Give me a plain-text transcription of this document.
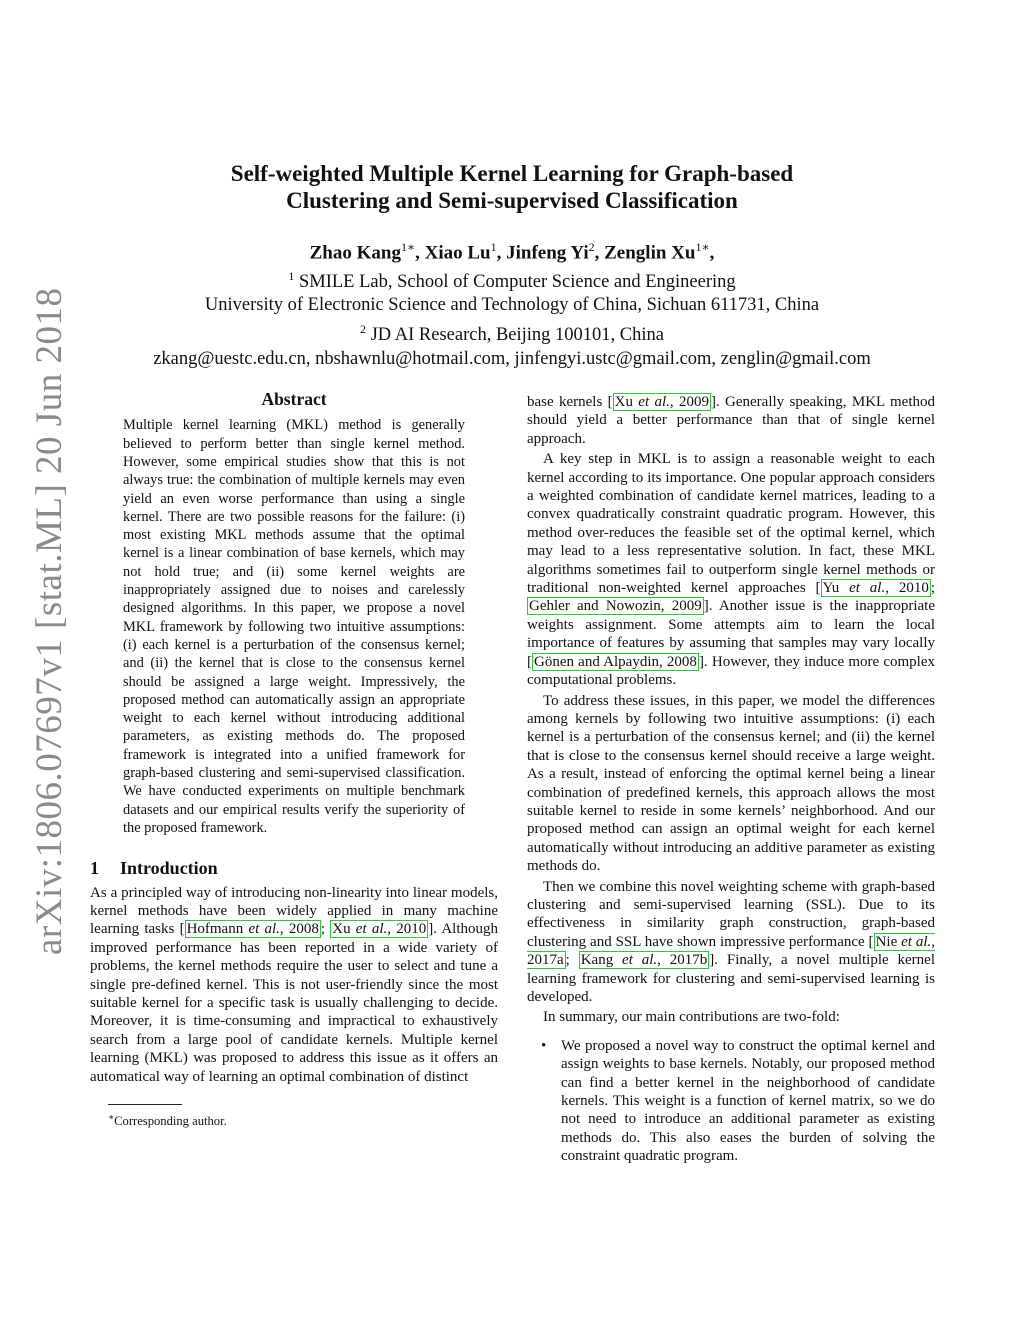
arXiv:1806.07697v1 [stat.ML] 20 Jun 2018
Self-weighted Multiple Kernel Learning for Graph-based
Clustering and Semi-supervised Classification
Zhao Kang$^{1∗}$, Xiao Lu$^1$, Jinfeng Yi$^2$, Zenglin $Xu^{1∗}$,
$^1$ SMILE Lab, School of Computer Science and Engineering
University of Electronic Science and Technology of China, Sichuan 611731, China
$^2$ JD AI Research, Beijing 100101, China
zkang@uestc.edu.cn, nbshawnlu@hotmail.com, jinfengyi.ustc@gmail.com, zenglin@gmail.com
Abstract

Multiple kernel learning (MKL) method is generally believed to perform better than single kernel method. However, some empirical studies show that this is not always true: the combination of multiple kernels may even yield an even worse performance than using a single kernel. There are two possible reasons for the failure: (i) most existing MKL methods assume that the optimal kernel is a linear combination of base kernels, which may not hold true; and (ii) some kernel weights are inappropriately assigned due to noises and carelessly designed algorithms. In this paper, we propose a novel MKL framework by following two intuitive assumptions: (i) each kernel is a perturbation of the consensus kernel; and (ii) the kernel that is close to the consensus kernel should be assigned a large weight. Impressively, the proposed method can automatically assign an appropriate weight to each kernel without introducing additional parameters, as existing methods do. The proposed framework is integrated into a unified framework for graph-based clustering and semi-supervised classification. We have conducted experiments on multiple benchmark datasets and our empirical results verify the superiority of the proposed framework.

1 Introduction

As a principled way of introducing non-linearity into linear models, kernel methods have been widely applied in many machine learning tasks [ Hofmann et al., 2008 ; Xu et al., 2010 ]. Although improved performance has been reported in a wide variety of problems, the kernel methods require the user to select and tune a single pre-defined kernel. This is not user-friendly since the most suitable kernel for a specific task is usually challenging to decide. Moreover, it is time-consuming and impractical to exhaustively search from a large pool of candidate kernels. Multiple kernel learning (MKL) was proposed to address this issue as it offers an automatical way of learning an optimal combination of distinct

∗Corresponding author.

base kernels [ Xu et al., 2009 ]. Generally speaking, MKL method should yield a better performance than that of single kernel approach.

A key step in MKL is to assign a reasonable weight to each kernel according to its importance. One popular approach considers a weighted combination of candidate kernel matrices, leading to a convex quadratically constraint quadratic program. However, this method over-reduces the feasible set of the optimal kernel, which may lead to a less representative solution. In fact, these MKL algorithms sometimes fail to outperform single kernel methods or traditional non-weighted kernel approaches [ Yu et al., 2010 ; Gehler and Nowozin, 2009 ]. Another issue is the inappropriate weights assignment. Some attempts aim to learn the local importance of features by assuming that samples may vary locally [ Gönen and Alpaydin, 2008 ]. However, they induce more complex computational problems.

To address these issues, in this paper, we model the differences among kernels by following two intuitive assumptions: (i) each kernel is a perturbation of the consensus kernel; and (ii) the kernel that is close to the consensus kernel should receive a large weight. As a result, instead of enforcing the optimal kernel being a linear combination of predefined kernels, this approach allows the most suitable kernel to reside in some kernels’ neighborhood. And our proposed method can assign an optimal weight for each kernel automatically without introducing an additive parameter as existing methods do.

Then we combine this novel weighting scheme with graph-based clustering and semi-supervised learning (SSL). Due to its effectiveness in similarity graph construction, graph-based clustering and SSL have shown impressive performance [ Nie et al., 2017a ; Kang et al., 2017b ]. Finally, a novel multiple kernel learning framework for clustering and semi-supervised learning is developed.

In summary, our main contributions are two-fold:

• We proposed a novel way to construct the optimal kernel and assign weights to base kernels. Notably, our proposed method can find a better kernel in the neighborhood of candidate kernels. This weight is a function of kernel matrix, so we do not need to introduce an additional parameter as existing methods do. This also eases the burden of solving the constraint quadratic program.
